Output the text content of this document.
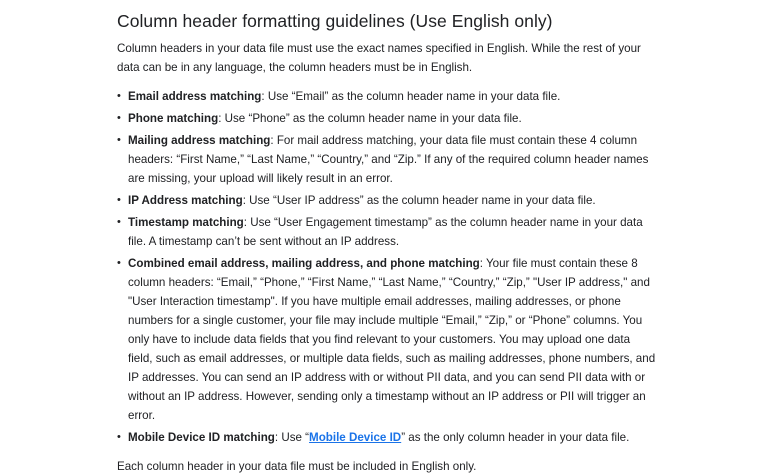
Column header formatting guidelines (Use English only)

Column headers in your data file must use the exact names specified in English. While the rest of your data can be in any language, the column headers must be in English.

• Email address matching: Use “Email” as the column header name in your data file.
• Phone matching: Use “Phone” as the column header name in your data file.
• Mailing address matching: For mail address matching, your data file must contain these 4 column headers: “First Name,” “Last Name,” “Country,” and “Zip.” If any of the required column header names are missing, your upload will likely result in an error.
• IP Address matching: Use “User IP address” as the column header name in your data file.
• Timestamp matching: Use “User Engagement timestamp” as the column header name in your data file. A timestamp can’t be sent without an IP address.
• Combined email address, mailing address, and phone matching: Your file must contain these 8 column headers: “Email,” “Phone,” “First Name,” “Last Name,” “Country,” “Zip,” "User IP address," and "User Interaction timestamp". If you have multiple email addresses, mailing addresses, or phone numbers for a single customer, your file may include multiple “Email,” “Zip,” or “Phone” columns. You only have to include data fields that you find relevant to your customers. You may upload one data field, such as email addresses, or multiple data fields, such as mailing addresses, phone numbers, and IP addresses. You can send an IP address with or without PII data, and you can send PII data with or without an IP address. However, sending only a timestamp without an IP address or PII will trigger an error.
• Mobile Device ID matching: Use “Mobile Device ID” as the only column header in your data file.

Each column header in your data file must be included in English only.
